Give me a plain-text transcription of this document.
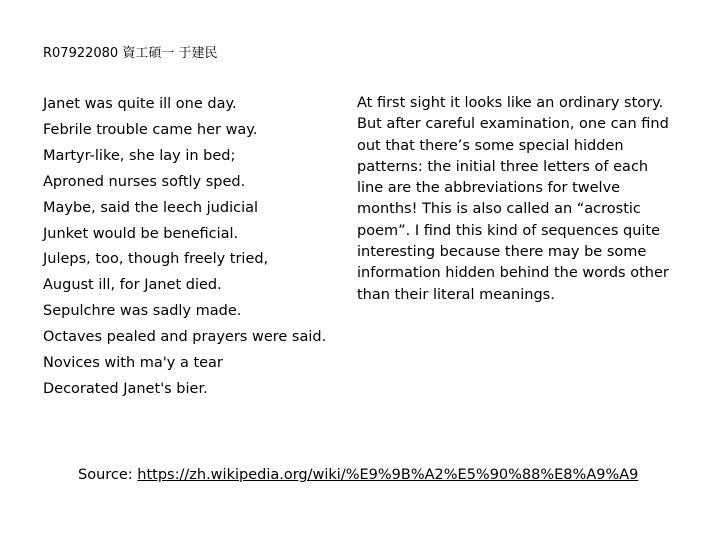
R07922080 資工碩一 于建民
Janet was quite ill one day.
Febrile trouble came her way.
Martyr-like, she lay in bed;
Aproned nurses softly sped.
Maybe, said the leech judicial
Junket would be beneficial.
Juleps, too, though freely tried,
August ill, for Janet died.
Sepulchre was sadly made.
Octaves pealed and prayers were said.
Novices with ma'y a tear
Decorated Janet's bier.

At first sight it looks like an ordinary story. But after careful examination, one can find out that there’s some special hidden patterns: the initial three letters of each line are the abbreviations for twelve months! This is also called an “acrostic poem”. I find this kind of sequences quite interesting because there may be some information hidden behind the words other than their literal meanings.

Source: https://zh.wikipedia.org/wiki/%E9%9B%A2%E5%90%88%E8%A9%A9
